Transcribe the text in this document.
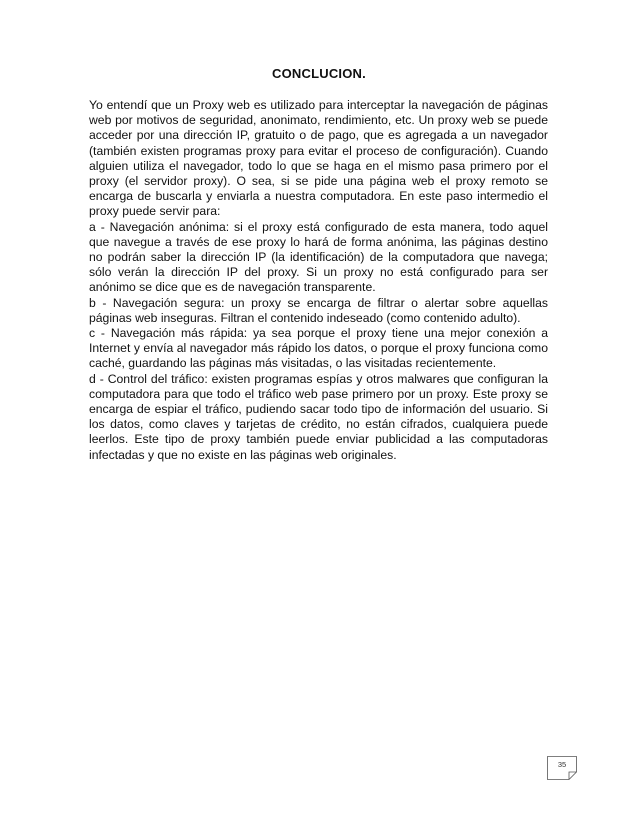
CONCLUCION.

Yo entendí que un Proxy web es utilizado para interceptar la navegación de páginas web por motivos de seguridad, anonimato, rendimiento, etc. Un proxy web se puede acceder por una dirección IP, gratuito o de pago, que es agregada a un navegador (también existen programas proxy para evitar el proceso de configuración). Cuando alguien utiliza el navegador, todo lo que se haga en el mismo pasa primero por el proxy (el servidor proxy). O sea, si se pide una página web el proxy remoto se encarga de buscarla y enviarla a nuestra computadora. En este paso intermedio el proxy puede servir para:

a - Navegación anónima: si el proxy está configurado de esta manera, todo aquel que navegue a través de ese proxy lo hará de forma anónima, las páginas destino no podrán saber la dirección IP (la identificación) de la computadora que navega; sólo verán la dirección IP del proxy. Si un proxy no está configurado para ser anónimo se dice que es de navegación transparente.

b - Navegación segura: un proxy se encarga de filtrar o alertar sobre aquellas páginas web inseguras. Filtran el contenido indeseado (como contenido adulto).

c - Navegación más rápida: ya sea porque el proxy tiene una mejor conexión a Internet y envía al navegador más rápido los datos, o porque el proxy funciona como caché, guardando las páginas más visitadas, o las visitadas recientemente.

d - Control del tráfico: existen programas espías y otros malwares que configuran la computadora para que todo el tráfico web pase primero por un proxy. Este proxy se encarga de espiar el tráfico, pudiendo sacar todo tipo de información del usuario. Si los datos, como claves y tarjetas de crédito, no están cifrados, cualquiera puede leerlos. Este tipo de proxy también puede enviar publicidad a las computadoras infectadas y que no existe en las páginas web originales.

35
